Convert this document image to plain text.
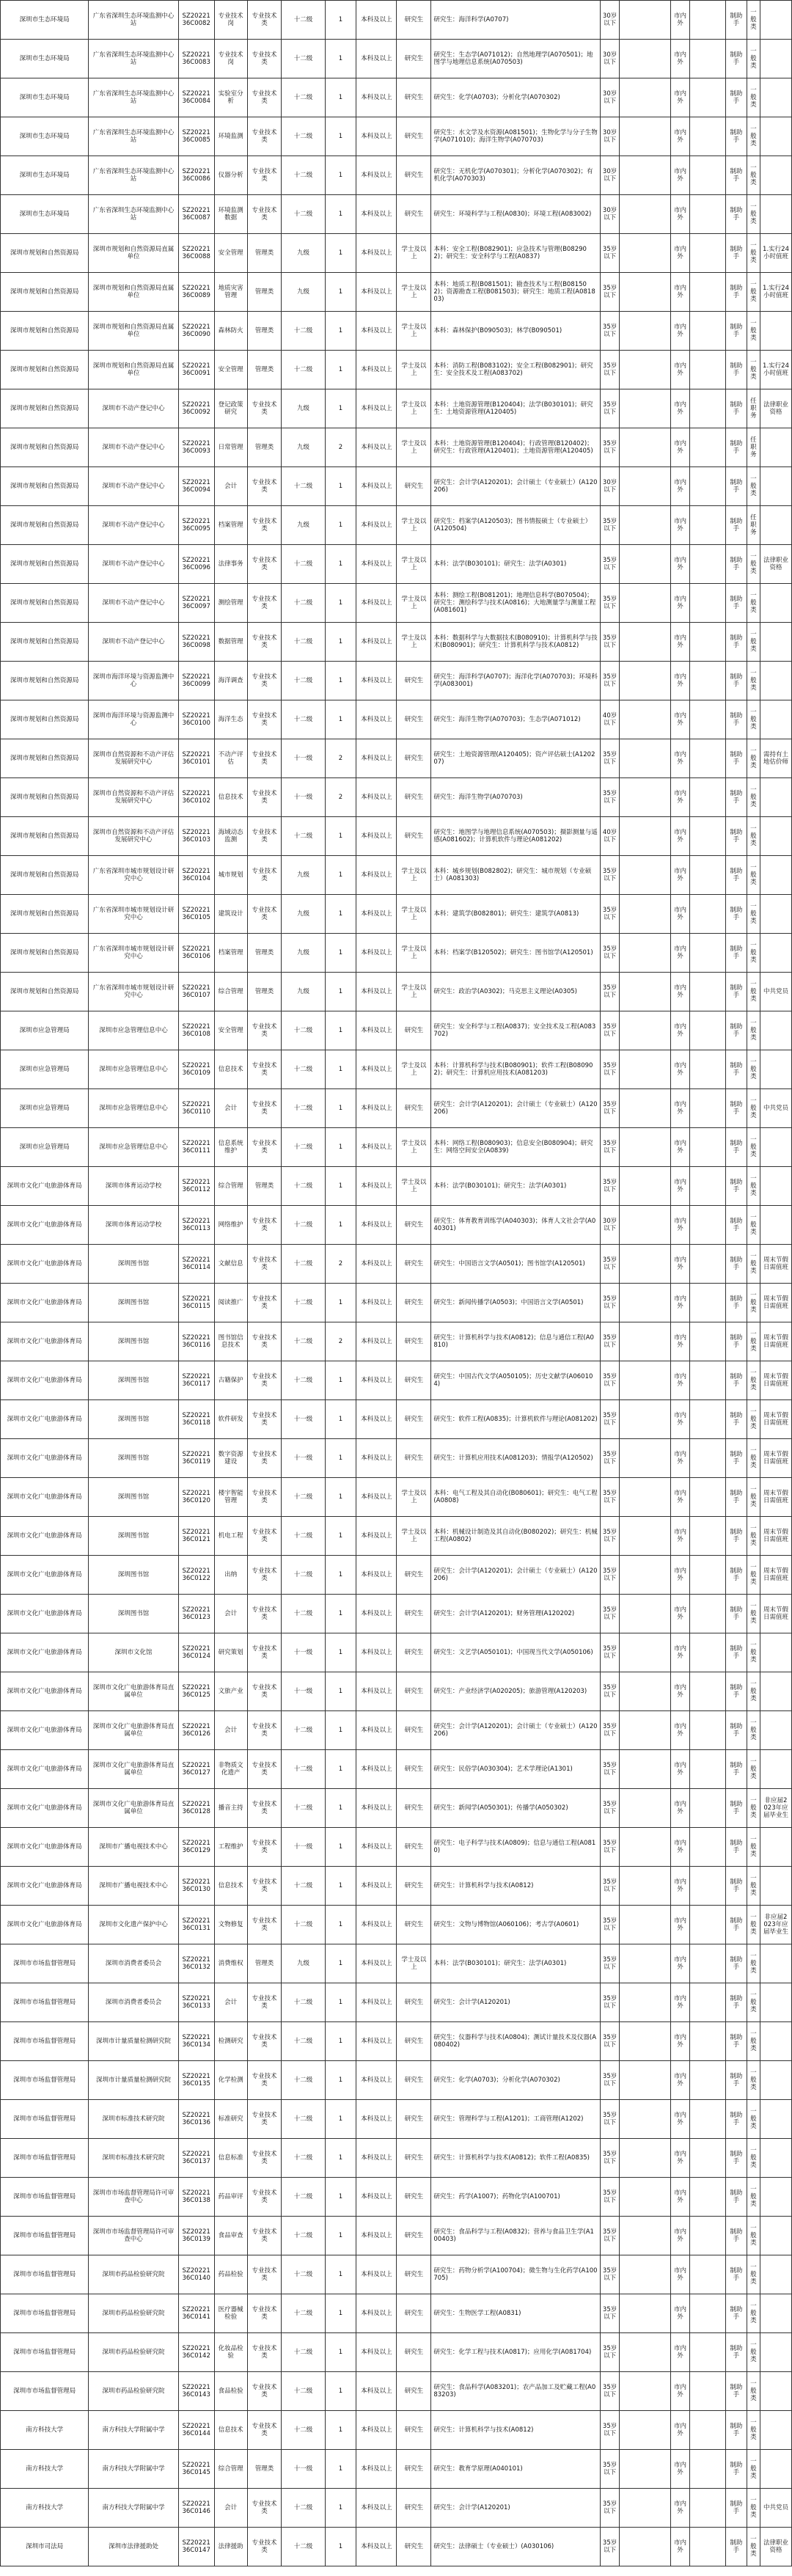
深圳市生态环境局	广东省深圳生态环境监测中心站	SZ2022136C0082	专业技术岗	专业技术类	十二级	1	本科及以上	研究生	研究生：海洋科学(A0707)	30岁以下		市内外		制助手	一般类	
深圳市生态环境局	广东省深圳生态环境监测中心站	SZ2022136C0083	专业技术岗	专业技术类	十二级	1	本科及以上	研究生	研究生：生态学(A071012)；自然地理学(A070501)；地图学与地理信息系统(A070503)	30岁以下		市内外		制助手	一般类	
深圳市生态环境局	广东省深圳生态环境监测中心站	SZ2022136C0084	实验室分析	专业技术类	十二级	1	本科及以上	研究生	研究生：化学(A0703)；分析化学(A070302)	30岁以下		市内外		制助手	一般类	
深圳市生态环境局	广东省深圳生态环境监测中心站	SZ2022136C0085	环境监测	专业技术类	十二级	1	本科及以上	研究生	研究生：水文学及水资源(A081501)；生物化学与分子生物学(A071010)；海洋生物学(A070703)	30岁以下		市内外		制助手	一般类	
深圳市生态环境局	广东省深圳生态环境监测中心站	SZ2022136C0086	仪器分析	专业技术类	十二级	1	本科及以上	研究生	研究生：无机化学(A070301)；分析化学(A070302)；有机化学(A070303)	30岁以下		市内外		制助手	一般类	
深圳市生态环境局	广东省深圳生态环境监测中心站	SZ2022136C0087	环境监测数据	专业技术类	十二级	1	本科及以上	研究生	研究生：环境科学与工程(A0830)；环境工程(A083002)	30岁以下		市内外		制助手	一般类	
深圳市规划和自然资源局	深圳市规划和自然资源局直属单位	SZ2022136C0088	安全管理	管理类	九级	1	本科及以上	学士及以上	本科：安全工程(B082901)；应急技术与管理(B082902)；研究生：安全科学与工程(A0837)	35岁以下		市内外		制助手	一般类	1.实行24小时值班
深圳市规划和自然资源局	深圳市规划和自然资源局直属单位	SZ2022136C0089	地质灾害管理	管理类	九级	1	本科及以上	学士及以上	本科：地质工程(B081501)；勘查技术与工程(B081502)；资源勘查工程(B081503)；研究生：地质工程(A081803)	35岁以下		市内外		制助手	一般类	1.实行24小时值班
深圳市规划和自然资源局	深圳市规划和自然资源局直属单位	SZ2022136C0090	森林防火	管理类	十二级	1	本科及以上	学士及以上	本科：森林保护(B090503)；林学(B090501)	35岁以下		市内外		制助手	一般类	
深圳市规划和自然资源局	深圳市规划和自然资源局直属单位	SZ2022136C0091	安全管理	管理类	十二级	1	本科及以上	学士及以上	本科：消防工程(B083102)；安全工程(B082901)；研究生：安全技术及工程(A083702)	35岁以下		市内外		制助手	一般类	1.实行24小时值班
深圳市规划和自然资源局	深圳市不动产登记中心	SZ2022136C0092	登记政策研究	专业技术类	九级	1	本科及以上	学士及以上	本科：土地资源管理(B120404)；法学(B030101)；研究生：土地资源管理(A120405)	35岁以下		市内外		制助手	任职务	法律职业资格
深圳市规划和自然资源局	深圳市不动产登记中心	SZ2022136C0093	日常管理	管理类	九级	2	本科及以上	学士及以上	本科：土地资源管理(B120404)；行政管理(B120402)；研究生：行政管理(A120401)；土地资源管理(A120405)	35岁以下		市内外		制助手	任职务	
深圳市规划和自然资源局	深圳市不动产登记中心	SZ2022136C0094	会计	专业技术类	十二级	1	本科及以上	研究生	研究生：会计学(A120201)；会计硕士（专业硕士）(A120206)	30岁以下		市内外		制助手	一般类	
深圳市规划和自然资源局	深圳市不动产登记中心	SZ2022136C0095	档案管理	专业技术类	九级	1	本科及以上	学士及以上	研究生：档案学(A120503)；图书情报硕士（专业硕士）(A120504)	35岁以下		市内外		制助手	任职务	
深圳市规划和自然资源局	深圳市不动产登记中心	SZ2022136C0096	法律事务	专业技术类	十二级	1	本科及以上	学士及以上	本科：法学(B030101)；研究生：法学(A0301)	35岁以下		市内外		制助手	一般类	法律职业资格
深圳市规划和自然资源局	深圳市不动产登记中心	SZ2022136C0097	测绘管理	专业技术类	十二级	1	本科及以上	学士及以上	本科：测绘工程(B081201)；地理信息科学(B070504)；研究生：测绘科学与技术(A0816)；大地测量学与测量工程(A081601)	35岁以下		市内外		制助手	一般类	
深圳市规划和自然资源局	深圳市不动产登记中心	SZ2022136C0098	数据管理	专业技术类	十二级	1	本科及以上	学士及以上	本科：数据科学与大数据技术(B080910)；计算机科学与技术(B080901)；研究生：计算机科学与技术(A0812)	35岁以下		市内外		制助手	一般类	
深圳市规划和自然资源局	深圳市海洋环境与资源监测中心	SZ2022136C0099	海洋调查	专业技术类	十二级	1	本科及以上	研究生	研究生：海洋科学(A0707)；海洋化学(A070703)；环境科学(A083001)	35岁以下		市内外		制助手	一般类	
深圳市规划和自然资源局	深圳市海洋环境与资源监测中心	SZ2022136C0100	海洋生态	专业技术类	十二级	1	本科及以上	研究生	研究生：海洋生物学(A070703)；生态学(A071012)	40岁以下		市内外		制助手	一般类	
深圳市规划和自然资源局	深圳市自然资源和不动产评估发展研究中心	SZ2022136C0101	不动产评估	专业技术类	十一级	2	本科及以上	研究生	研究生：土地资源管理(A120405)；资产评估硕士(A120207)	35岁以下		市内外		制助手	一般类	需持有土地估价师
深圳市规划和自然资源局	深圳市自然资源和不动产评估发展研究中心	SZ2022136C0102	信息技术	专业技术类	十一级	2	本科及以上	研究生	研究生：海洋生物学(A070703)	35岁以下		市内外		制助手	一般类	
深圳市规划和自然资源局	深圳市自然资源和不动产评估发展研究中心	SZ2022136C0103	海域动态监测	专业技术类	十二级	1	本科及以上	研究生	研究生：地图学与地理信息系统(A070503)；摄影测量与遥感(A081602)；计算机软件与理论(A081202)	40岁以下		市内外		制助手	一般类	
深圳市规划和自然资源局	广东省深圳市城市规划设计研究中心	SZ2022136C0104	城市规划	专业技术类	九级	1	本科及以上	学士及以上	本科：城乡规划(B082802)；研究生：城市规划（专业硕士）(A081303)	35岁以下		市内外		制助手	一般类	
深圳市规划和自然资源局	广东省深圳市城市规划设计研究中心	SZ2022136C0105	建筑设计	专业技术类	九级	1	本科及以上	学士及以上	本科：建筑学(B082801)；研究生：建筑学(A0813)	35岁以下		市内外		制助手	一般类	
深圳市规划和自然资源局	广东省深圳市城市规划设计研究中心	SZ2022136C0106	档案管理	管理类	九级	1	本科及以上	学士及以上	本科：档案学(B120502)；研究生：图书馆学(A120501)	35岁以下		市内外		制助手	一般类	
深圳市规划和自然资源局	广东省深圳市城市规划设计研究中心	SZ2022136C0107	综合管理	管理类	九级	1	本科及以上	学士及以上	研究生：政治学(A0302)；马克思主义理论(A0305)	35岁以下		市内外		制助手	一般类	中共党员
深圳市应急管理局	深圳市应急管理信息中心	SZ2022136C0108	安全管理	专业技术类	十二级	1	本科及以上	研究生	研究生：安全科学与工程(A0837)；安全技术及工程(A083702)	35岁以下		市内外		制助手	一般类	
深圳市应急管理局	深圳市应急管理信息中心	SZ2022136C0109	信息技术	专业技术类	十二级	1	本科及以上	学士及以上	本科：计算机科学与技术(B080901)；软件工程(B080902)；研究生：计算机应用技术(A081203)	35岁以下		市内外		制助手	一般类	
深圳市应急管理局	深圳市应急管理信息中心	SZ2022136C0110	会计	专业技术类	十二级	1	本科及以上	研究生	研究生：会计学(A120201)；会计硕士（专业硕士）(A120206)	35岁以下		市内外		制助手	一般类	中共党员
深圳市应急管理局	深圳市应急管理信息中心	SZ2022136C0111	信息系统维护	专业技术类	十二级	1	本科及以上	学士及以上	本科：网络工程(B080903)；信息安全(B080904)；研究生：网络空间安全(A0839)	35岁以下		市内外		制助手	一般类	
深圳市文化广电旅游体育局	深圳市体育运动学校	SZ2022136C0112	综合管理	管理类	十二级	1	本科及以上	学士及以上	本科：法学(B030101)；研究生：法学(A0301)	35岁以下		市内外		制助手	一般类	
深圳市文化广电旅游体育局	深圳市体育运动学校	SZ2022136C0113	网络维护	专业技术类	十二级	1	本科及以上	研究生	研究生：体育教育训练学(A040303)；体育人文社会学(A040301)	30岁以下		市内外		制助手	一般类	
深圳市文化广电旅游体育局	深圳图书馆	SZ2022136C0114	文献信息	专业技术类	十二级	2	本科及以上	研究生	研究生：中国语言文学(A0501)；图书馆学(A120501)	35岁以下		市内外		制助手	一般类	周末节假日需值班
深圳市文化广电旅游体育局	深圳图书馆	SZ2022136C0115	阅读推广	专业技术类	十二级	1	本科及以上	研究生	研究生：新闻传播学(A0503)；中国语言文学(A0501)	35岁以下		市内外		制助手	一般类	周末节假日需值班
深圳市文化广电旅游体育局	深圳图书馆	SZ2022136C0116	图书馆信息技术	专业技术类	十二级	2	本科及以上	研究生	研究生：计算机科学与技术(A0812)；信息与通信工程(A0810)	35岁以下		市内外		制助手	一般类	周末节假日需值班
深圳市文化广电旅游体育局	深圳图书馆	SZ2022136C0117	古籍保护	专业技术类	十二级	1	本科及以上	研究生	研究生：中国古代文学(A050105)；历史文献学(A060104)	35岁以下		市内外		制助手	一般类	周末节假日需值班
深圳市文化广电旅游体育局	深圳图书馆	SZ2022136C0118	软件研发	专业技术类	十一级	1	本科及以上	研究生	研究生：软件工程(A0835)；计算机软件与理论(A081202)	35岁以下		市内外		制助手	一般类	周末节假日需值班
深圳市文化广电旅游体育局	深圳图书馆	SZ2022136C0119	数字资源建设	专业技术类	十一级	1	本科及以上	研究生	研究生：计算机应用技术(A081203)；情报学(A120502)	35岁以下		市内外		制助手	一般类	周末节假日需值班
深圳市文化广电旅游体育局	深圳图书馆	SZ2022136C0120	楼宇智能管理	专业技术类	十二级	1	本科及以上	学士及以上	本科：电气工程及其自动化(B080601)；研究生：电气工程(A0808)	35岁以下		市内外		制助手	一般类	周末节假日需值班
深圳市文化广电旅游体育局	深圳图书馆	SZ2022136C0121	机电工程	专业技术类	十二级	1	本科及以上	学士及以上	本科：机械设计制造及其自动化(B080202)；研究生：机械工程(A0802)	35岁以下		市内外		制助手	一般类	周末节假日需值班
深圳市文化广电旅游体育局	深圳图书馆	SZ2022136C0122	出纳	专业技术类	十二级	1	本科及以上	研究生	研究生：会计学(A120201)；会计硕士（专业硕士）(A120206)	35岁以下		市内外		制助手	一般类	周末节假日需值班
深圳市文化广电旅游体育局	深圳图书馆	SZ2022136C0123	会计	专业技术类	十二级	1	本科及以上	研究生	研究生：会计学(A120201)；财务管理(A120202)	35岁以下		市内外		制助手	一般类	周末节假日需值班
深圳市文化广电旅游体育局	深圳市文化馆	SZ2022136C0124	研究策划	专业技术类	十一级	1	本科及以上	研究生	研究生：文艺学(A050101)；中国现当代文学(A050106)	35岁以下		市内外		制助手	一般类	
深圳市文化广电旅游体育局	深圳市文化广电旅游体育局直属单位	SZ2022136C0125	文旅产业	专业技术类	十一级	1	本科及以上	研究生	研究生：产业经济学(A020205)；旅游管理(A120203)	35岁以下		市内外		制助手	一般类	
深圳市文化广电旅游体育局	深圳市文化广电旅游体育局直属单位	SZ2022136C0126	会计	专业技术类	十二级	1	本科及以上	研究生	研究生：会计学(A120201)；会计硕士（专业硕士）(A120206)	35岁以下		市内外		制助手	一般类	
深圳市文化广电旅游体育局	深圳市文化广电旅游体育局直属单位	SZ2022136C0127	非物质文化遗产	专业技术类	十二级	1	本科及以上	研究生	研究生：民俗学(A030304)；艺术学理论(A1301)	35岁以下		市内外		制助手	一般类	
深圳市文化广电旅游体育局	深圳市文化广电旅游体育局直属单位	SZ2022136C0128	播音主持	专业技术类	十二级	1	本科及以上	研究生	研究生：新闻学(A050301)；传播学(A050302)	35岁以下		市内外		制助手	一般类	非应届2023年应届毕业生
深圳市文化广电旅游体育局	深圳市广播电视技术中心	SZ2022136C0129	工程维护	专业技术类	十一级	1	本科及以上	研究生	研究生：电子科学与技术(A0809)；信息与通信工程(A0810)	35岁以下		市内外		制助手	一般类	
深圳市文化广电旅游体育局	深圳市广播电视技术中心	SZ2022136C0130	信息技术	专业技术类	十二级	1	本科及以上	研究生	研究生：计算机科学与技术(A0812)	35岁以下		市内外		制助手	一般类	
深圳市文化广电旅游体育局	深圳市文化遗产保护中心	SZ2022136C0131	文物修复	专业技术类	十二级	1	本科及以上	研究生	研究生：文物与博物馆(A060106)；考古学(A0601)	35岁以下		市内外		制助手	一般类	非应届2023年应届毕业生
深圳市市场监督管理局	深圳市消费者委员会	SZ2022136C0132	消费维权	管理类	九级	1	本科及以上	学士及以上	本科：法学(B030101)；研究生：法学(A0301)	35岁以下		市内外		制助手	一般类	
深圳市市场监督管理局	深圳市消费者委员会	SZ2022136C0133	会计	专业技术类	十二级	1	本科及以上	研究生	研究生：会计学(A120201)	35岁以下		市内外		制助手	一般类	
深圳市市场监督管理局	深圳市计量质量检测研究院	SZ2022136C0134	检测研究	专业技术类	十二级	1	本科及以上	研究生	研究生：仪器科学与技术(A0804)；测试计量技术及仪器(A080402)	35岁以下		市内外		制助手	一般类	
深圳市市场监督管理局	深圳市计量质量检测研究院	SZ2022136C0135	化学检测	专业技术类	十二级	1	本科及以上	研究生	研究生：化学(A0703)；分析化学(A070302)	35岁以下		市内外		制助手	一般类	
深圳市市场监督管理局	深圳市标准技术研究院	SZ2022136C0136	标准研究	专业技术类	十二级	1	本科及以上	研究生	研究生：管理科学与工程(A1201)；工商管理(A1202)	35岁以下		市内外		制助手	一般类	
深圳市市场监督管理局	深圳市标准技术研究院	SZ2022136C0137	信息标准	专业技术类	十二级	1	本科及以上	研究生	研究生：计算机科学与技术(A0812)；软件工程(A0835)	35岁以下		市内外		制助手	一般类	
深圳市市场监督管理局	深圳市市场监督管理局许可审查中心	SZ2022136C0138	药品审评	专业技术类	十二级	1	本科及以上	研究生	研究生：药学(A1007)；药物化学(A100701)	35岁以下		市内外		制助手	一般类	
深圳市市场监督管理局	深圳市市场监督管理局许可审查中心	SZ2022136C0139	食品审查	专业技术类	十二级	1	本科及以上	研究生	研究生：食品科学与工程(A0832)；营养与食品卫生学(A100403)	35岁以下		市内外		制助手	一般类	
深圳市市场监督管理局	深圳市药品检验研究院	SZ2022136C0140	药品检验	专业技术类	十二级	1	本科及以上	研究生	研究生：药物分析学(A100704)；微生物与生化药学(A100705)	35岁以下		市内外		制助手	一般类	
深圳市市场监督管理局	深圳市药品检验研究院	SZ2022136C0141	医疗器械检验	专业技术类	十二级	1	本科及以上	研究生	研究生：生物医学工程(A0831)	35岁以下		市内外		制助手	一般类	
深圳市市场监督管理局	深圳市药品检验研究院	SZ2022136C0142	化妆品检验	专业技术类	十二级	1	本科及以上	研究生	研究生：化学工程与技术(A0817)；应用化学(A081704)	35岁以下		市内外		制助手	一般类	
深圳市市场监督管理局	深圳市药品检验研究院	SZ2022136C0143	食品检验	专业技术类	十二级	1	本科及以上	研究生	研究生：食品科学(A083201)；农产品加工及贮藏工程(A083203)	35岁以下		市内外		制助手	一般类	
南方科技大学	南方科技大学附属中学	SZ2022136C0144	信息技术	专业技术类	十二级	1	本科及以上	研究生	研究生：计算机科学与技术(A0812)	35岁以下		市内外		制助手	一般类	
南方科技大学	南方科技大学附属中学	SZ2022136C0145	综合管理	管理类	十一级	1	本科及以上	研究生	研究生：教育学原理(A040101)	35岁以下		市内外		制助手	一般类	
南方科技大学	南方科技大学附属中学	SZ2022136C0146	会计	专业技术类	十二级	1	本科及以上	研究生	研究生：会计学(A120201)	35岁以下		市内外		制助手	一般类	中共党员
深圳市司法局	深圳市法律援助处	SZ2022136C0147	法律援助	专业技术类	十二级	1	本科及以上	研究生	研究生：法律硕士（专业硕士）(A030106)	35岁以下		市内外		制助手	一般类	法律职业资格
